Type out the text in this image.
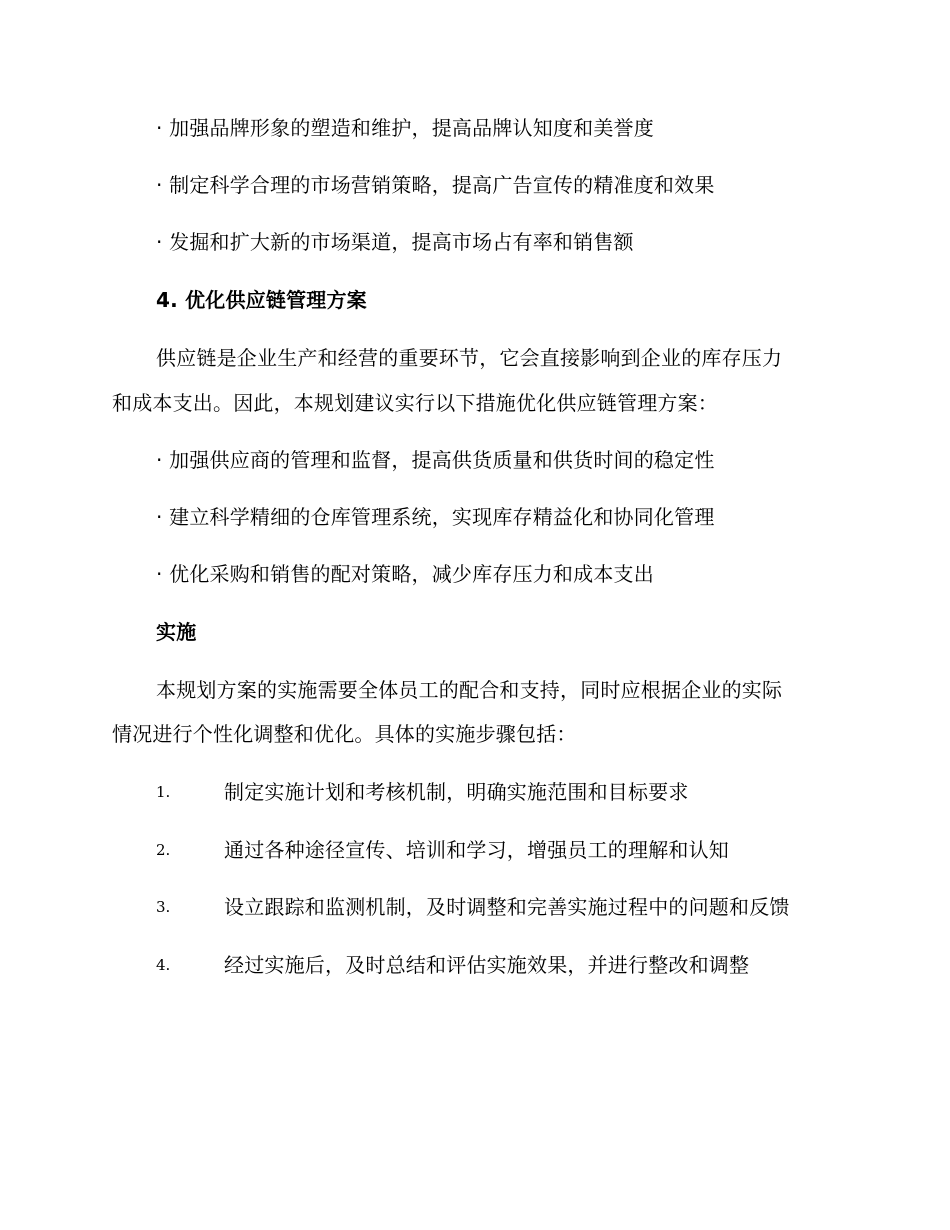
· 加强品牌形象的塑造和维护，提高品牌认知度和美誉度
· 制定科学合理的市场营销策略，提高广告宣传的精准度和效果
· 发掘和扩大新的市场渠道，提高市场占有率和销售额
4. 优化供应链管理方案
供应链是企业生产和经营的重要环节，它会直接影响到企业的库存压力
和成本支出。因此，本规划建议实行以下措施优化供应链管理方案：
· 加强供应商的管理和监督，提高供货质量和供货时间的稳定性
· 建立科学精细的仓库管理系统，实现库存精益化和协同化管理
· 优化采购和销售的配对策略，减少库存压力和成本支出
实施
本规划方案的实施需要全体员工的配合和支持，同时应根据企业的实际
情况进行个性化调整和优化。具体的实施步骤包括：
1.	制定实施计划和考核机制，明确实施范围和目标要求
2.	通过各种途径宣传、培训和学习，增强员工的理解和认知
3.	设立跟踪和监测机制，及时调整和完善实施过程中的问题和反馈
4.	经过实施后，及时总结和评估实施效果，并进行整改和调整
